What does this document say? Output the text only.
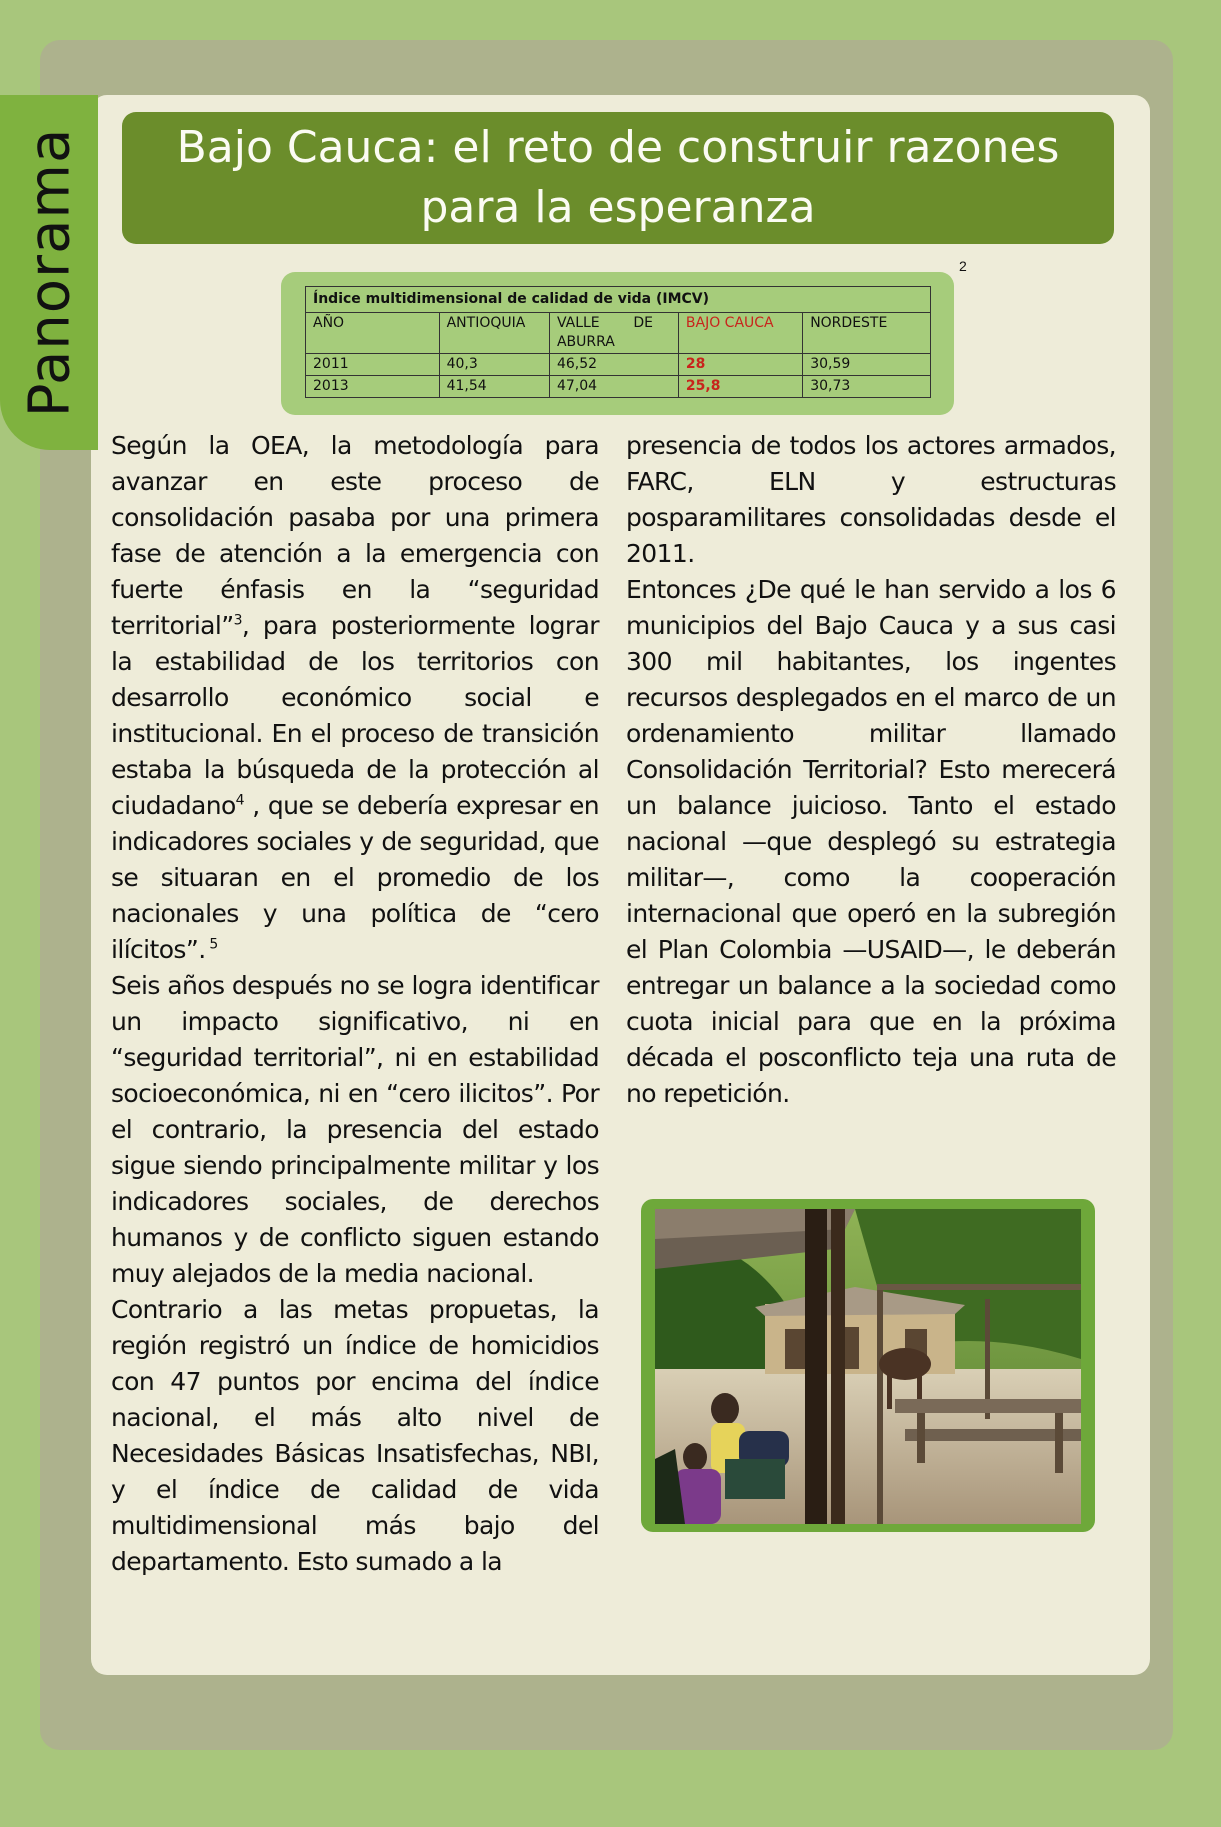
Panorama	Bajo Cauca: el reto de construir razones para la esperanza
2
Índice multidimensional de calidad de vida (IMCV)				
AÑO	ANTIOQUIA	VALLE DE ABURRA	BAJO CAUCA	NORDESTE
2011	40,3	46,52	28	30,59
2013	41,54	47,04	25,8	30,73

Según la OEA, la metodología para avanzar en este proceso de consolidación pasaba por una primera fase de atención a la emergencia con fuerte énfasis en la “seguridad territorial”$^3$, para posteriormente lograr la estabilidad de los territorios con desarrollo económico social e institucional. En el proceso de transición estaba la búsqueda de la protección al ciudadano$^4$ , que se debería expresar en indicadores sociales y de seguridad, que se situaran en el promedio de los nacionales y una política de “cero ilícitos”. $^5$

Seis años después no se logra identificar un impacto significativo, ni en “seguridad territorial”, ni en estabilidad socioeconómica, ni en “cero ilicitos”. Por el contrario, la presencia del estado sigue siendo principalmente militar y los indicadores sociales, de derechos humanos y de conflicto siguen estando muy alejados de la media nacional.

Contrario a las metas propuetas, la región registró un índice de homicidios con 47 puntos por encima del índice nacional, el más alto nivel de Necesidades Básicas Insatisfechas, NBI, y el índice de calidad de vida multidimensional más bajo del departamento. Esto sumado a la

presencia de todos los actores armados, FARC, ELN y estructuras posparamilitares consolidadas desde el 2011.

Entonces ¿De qué le han servido a los 6 municipios del Bajo Cauca y a sus casi 300 mil habitantes, los ingentes recursos desplegados en el marco de un ordenamiento militar llamado Consolidación Territorial? Esto merecerá un balance juicioso. Tanto el estado nacional —que desplegó su estrategia militar—, como la cooperación internacional que operó en la subregión el Plan Colombia —USAID—, le deberán entregar un balance a la sociedad como cuota inicial para que en la próxima década el posconflicto teja una ruta de no repetición.
